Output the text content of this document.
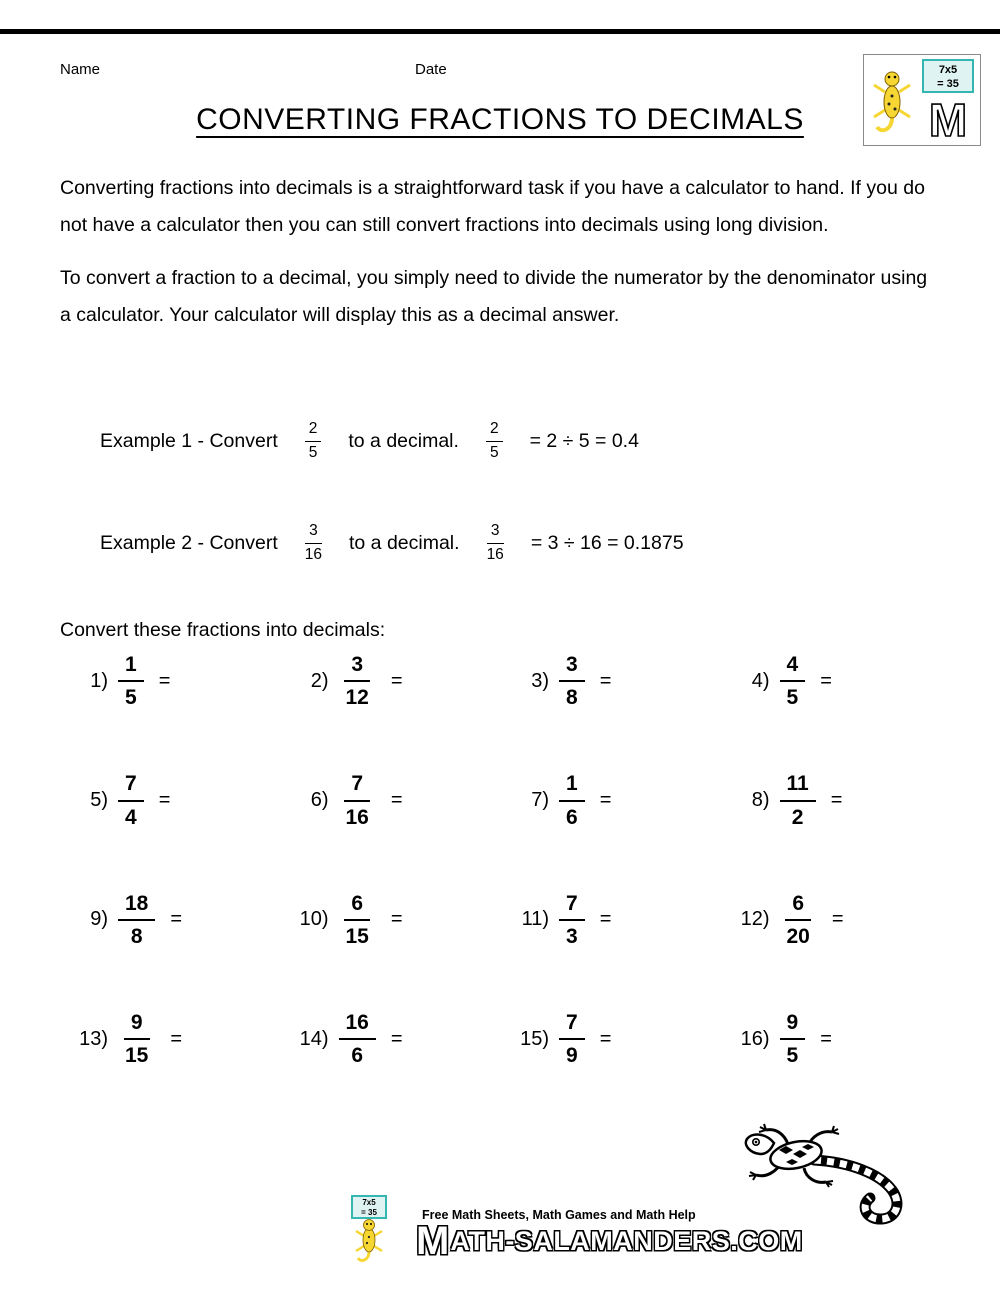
Name	Date	7x5
= 35
M
CONVERTING FRACTIONS TO DECIMALS

Converting fractions into decimals is a straightforward task if you have a calculator to hand. If you do not have a calculator then you can still convert fractions into decimals using long division.

To convert a fraction to a decimal, you simply need to divide the numerator by the denominator using a calculator. Your calculator will display this as a decimal answer.

Example 1 - Convert $\frac{2}{5}$ to a decimal. $\frac{2}{5} = 2 \div 5 = 0.4$
Example 2 - Convert $\frac{3}{16}$ to a decimal. $\frac{3}{16} = 3 \div 16 = 0.1875$
Convert these fractions into decimals:
$1) \frac{1}{5}$ =	$2) \frac{3}{12}$ =	$3) \frac{3}{8}$ =	$4) \frac{4}{5}$ =
$5) \frac{7}{4}$ =	$6) \frac{7}{16}$ =	$7) \frac{1}{6}$ =	$8) \frac{11}{2}$ =
$9) \frac{18}{8}$ =	$10) \frac{6}{15}$ =	$11) \frac{7}{3}$ =	$12) \frac{6}{20}$ =
$13) \frac{9}{15}$ =	$14) \frac{16}{6}$ =	$15) \frac{7}{9}$ =	$16) \frac{9}{5}$ =
7x5
= 35	Free Math Sheets, Math Games and Math Help
M ATH-SALAMANDERS.COM
